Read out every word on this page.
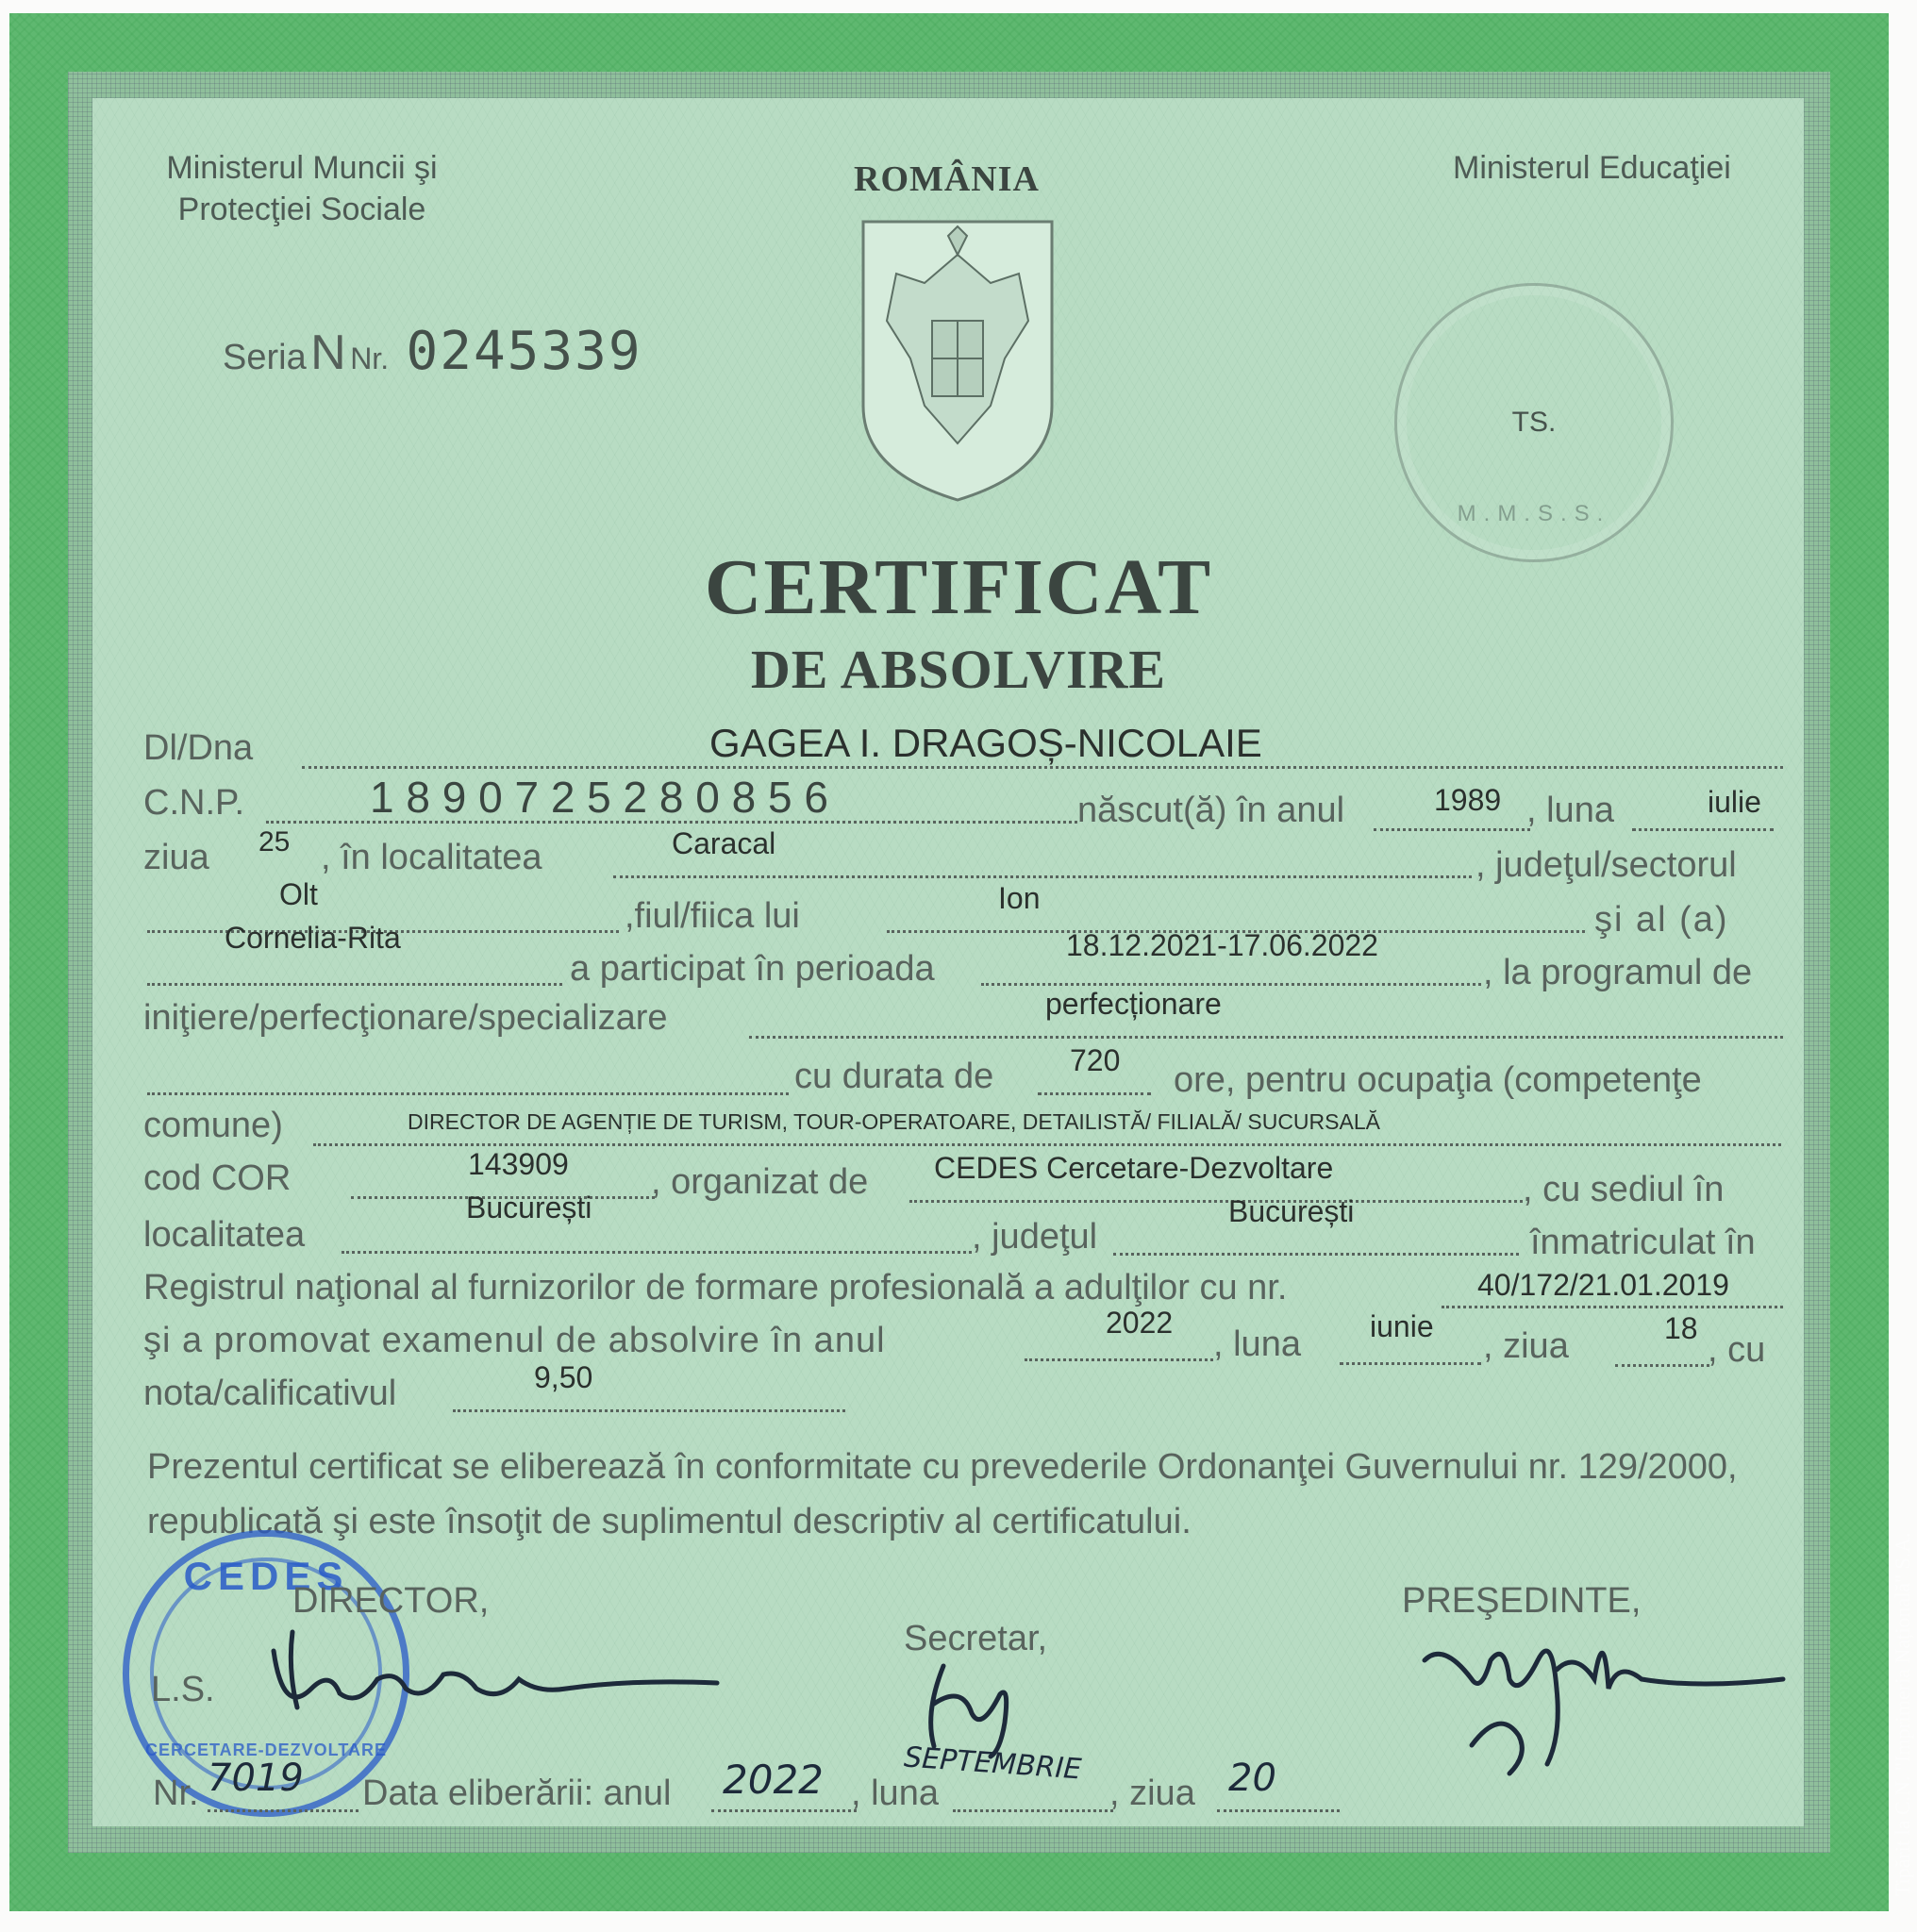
Ministerul Muncii şi
Protecţiei Sociale
ROMÂNIA	Ministerul Educaţiei
Seria N Nr. 0245339
TS.
M.M.S.S.
CERTIFICAT
DE ABSOLVIRE
Dl/Dna	GAGEA I. DRAGOȘ-NICOLAIE
C.N.P.	1 8 9 0 7 2 5 2 8 0 8 5 6	născut(ă) în anul	1989 , luna	iulie
ziua 25 , în localitatea	Caracal
, judeţul/sectorul
Olt
,fiul/fiica lui	Ion
şi al (a)
Cornelia-Rita
a participat în perioada
18.12.2021-17.06.2022
, la programul de
iniţiere/perfecţionare/specializare	perfecționare
cu durata de	720 ore, pentru ocupaţia (competenţe
comune)	DIRECTOR DE AGENȚIE DE TURISM, TOUR-OPERATOARE, DETAILISTĂ/ FILIALĂ/ SUCURSALĂ
cod COR	143909 , organizat de CEDES Cercetare-Dezvoltare
, cu sediul în
București
localitatea	, judeţul
București
înmatriculat în
Registrul naţional al furnizorilor de formare profesională a adulţilor cu nr.	40/172/21.01.2019
şi a promovat examenul de absolvire în anul	2022
, luna iunie , ziua	18
, cu
nota/calificativul	9,50
Prezentul certificat se eliberează în conformitate cu prevederile Ordonanţei Guvernului nr. 129/2000, republicată şi este însoţit de suplimentul descriptiv al certificatului.
CEDES
CERCETARE-DEZVOLTARE
DIRECTOR,
L.S.
Secretar,
PREŞEDINTE,
Nr. 7019 Data eliberării: anul 2022 , luna
SEPTEMBRIE
, ziua 20
